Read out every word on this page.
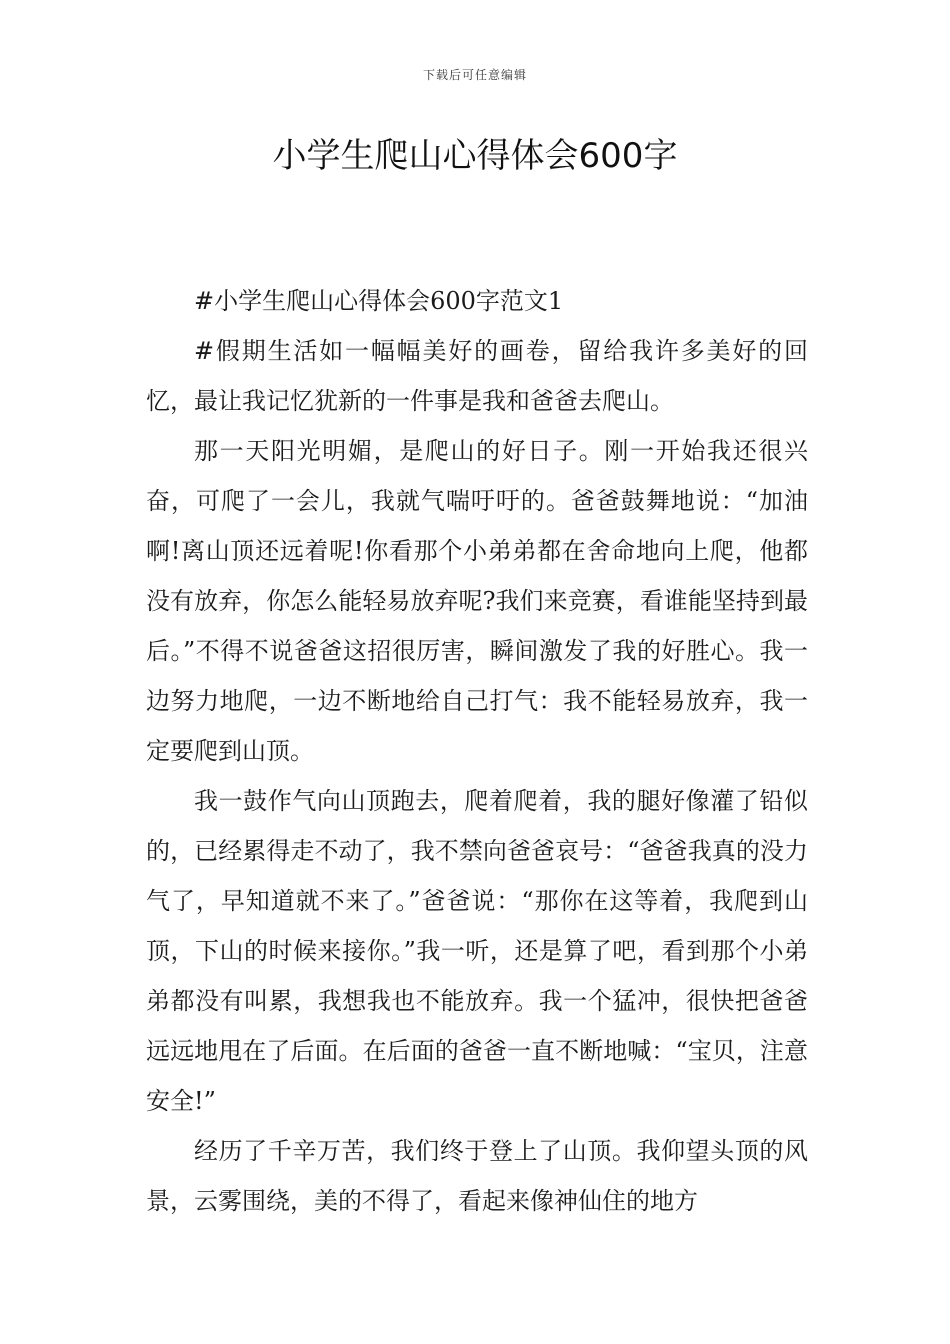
下载后可任意编辑
小学生爬山心得体会600字

#小学生爬山心得体会600字范文1

#假期生活如一幅幅美好的画卷，留给我许多美好的回忆，最让我记忆犹新的一件事是我和爸爸去爬山。

那一天阳光明媚，是爬山的好日子。刚一开始我还很兴奋，可爬了一会儿，我就气喘吁吁的。爸爸鼓舞地说：“加油啊!离山顶还远着呢!你看那个小弟弟都在舍命地向上爬，他都没有放弃，你怎么能轻易放弃呢?我们来竞赛，看谁能坚持到最后。”不得不说爸爸这招很厉害，瞬间激发了我的好胜心。我一边努力地爬，一边不断地给自己打气：我不能轻易放弃，我一定要爬到山顶。

我一鼓作气向山顶跑去，爬着爬着，我的腿好像灌了铅似的，已经累得走不动了，我不禁向爸爸哀号：“爸爸我真的没力气了，早知道就不来了。”爸爸说：“那你在这等着，我爬到山顶，下山的时候来接你。”我一听，还是算了吧，看到那个小弟弟都没有叫累，我想我也不能放弃。我一个猛冲，很快把爸爸远远地甩在了后面。在后面的爸爸一直不断地喊：“宝贝，注意安全!”

经历了千辛万苦，我们终于登上了山顶。我仰望头顶的风景，云雾围绕，美的不得了，看起来像神仙住的地方
